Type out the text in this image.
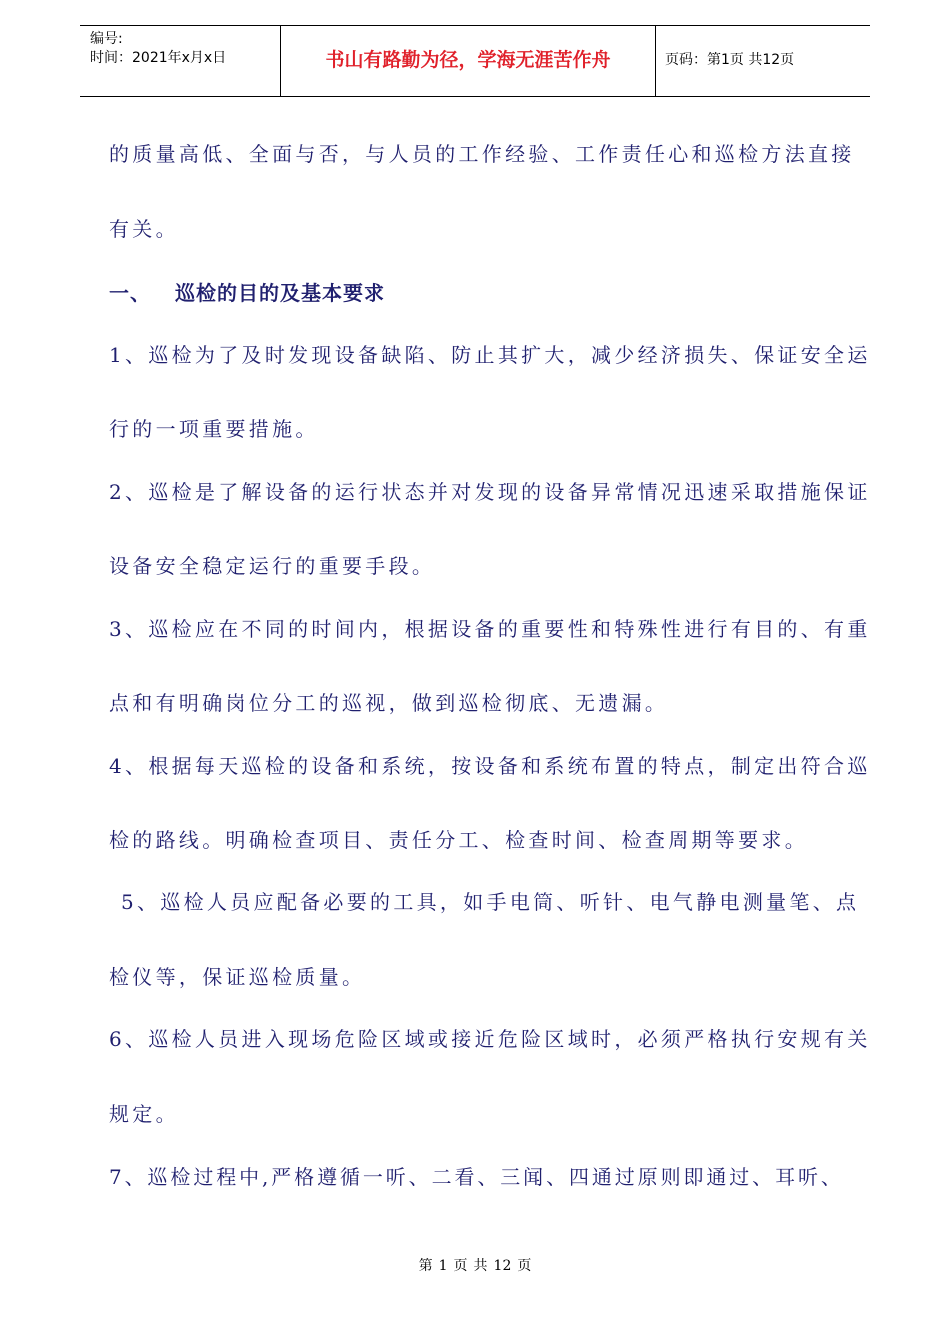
编号:
时间：2021年x月x日	书山有路勤为径，学海无涯苦作舟	页码：第1页 共12页
的质量高低、全面与否，与人员的工作经验、工作责任心和巡检方法直接
有关。
一、 巡检的目的及基本要求
1、巡检为了及时发现设备缺陷、防止其扩大，减少经济损失、保证安全运
行的一项重要措施。
2、巡检是了解设备的运行状态并对发现的设备异常情况迅速采取措施保证
设备安全稳定运行的重要手段。
3、巡检应在不同的时间内，根据设备的重要性和特殊性进行有目的、有重
点和有明确岗位分工的巡视，做到巡检彻底、无遗漏。
4、根据每天巡检的设备和系统，按设备和系统布置的特点，制定出符合巡
检的路线。明确检查项目、责任分工、检查时间、检查周期等要求。
5、巡检人员应配备必要的工具，如手电筒、听针、电气静电测量笔、点
检仪等，保证巡检质量。
6、巡检人员进入现场危险区域或接近危险区域时，必须严格执行安规有关
规定。
7、巡检过程中,严格遵循一听、二看、三闻、四通过原则即通过、耳听、
第 1 页 共 12 页
